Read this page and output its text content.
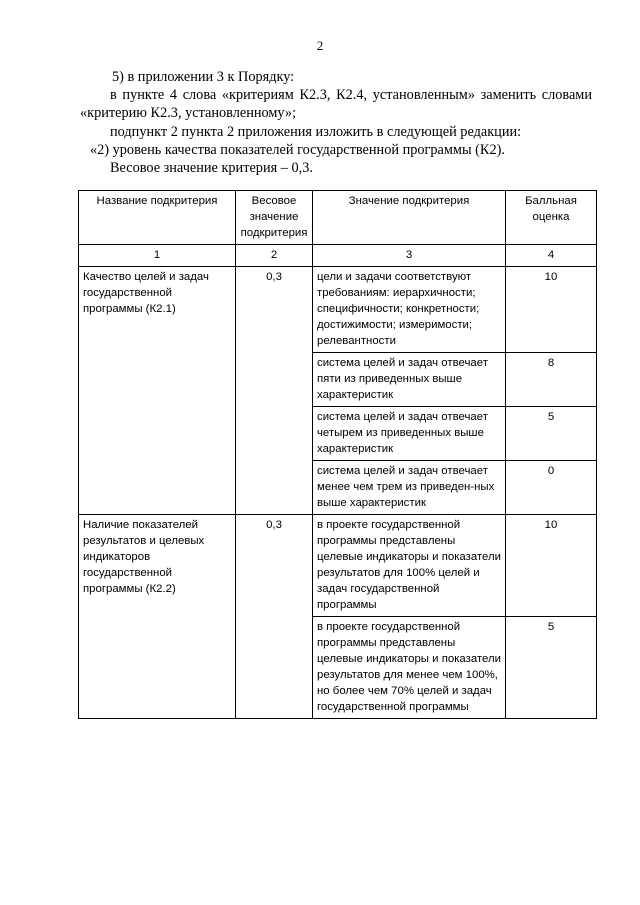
2

5) в приложении 3 к Порядку:

в пункте 4 слова «критериям К2.3, К2.4, установленным» заменить словами «критерию К2.3, установленному»;

подпункт 2 пункта 2 приложения изложить в следующей редакции:

«2) уровень качества показателей государственной программы (К2).

Весовое значение критерия – 0,3.

Название подкритерия	Весовое значение подкритерия	Значение подкритерия	Балльная оценка
1	2	3	4
Качество целей и задач государственной программы (К2.1)	0,3	цели и задачи соответствуют требованиям: иерархичности; специфичности; конкретности; достижимости; измеримости; релевантности	10
		система целей и задач отвечает пяти из приведенных выше характеристик	8
		система целей и задач отвечает четырем из приведенных выше характеристик	5
		система целей и задач отвечает менее чем трем из приведен-ных выше характеристик	0
Наличие показателей результатов и целевых индикаторов государственной программы (К2.2)	0,3	в проекте государственной программы представлены целевые индикаторы и показатели результатов для 100% целей и задач государственной программы	10
		в проекте государственной программы представлены целевые индикаторы и показатели результатов для менее чем 100%, но более чем 70% целей и задач государственной программы	5
